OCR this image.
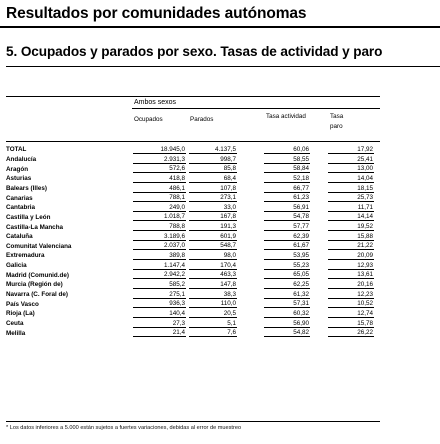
Resultados por comunidades autónomas
5. Ocupados y parados por sexo. Tasas de actividad y paro
Ambos sexos
Ocupados	Parados	Tasa actividad	Tasa paro
TOTAL	18.945,0	4.137,5	60,06	17,92
Andalucía	2.931,3	998,7	58,55	25,41
Aragón	572,6	85,8	58,84	13,00
Asturias	418,8	68,4	52,18	14,04
Balears (Illes)	486,1	107,8	66,77	18,15
Canarias	788,1	273,1	61,23	25,73
Cantabria	249,0	33,0	56,91	11,71
Castilla y León	1.018,7	167,8	54,78	14,14
Castilla-La Mancha	788,8	191,3	57,77	19,52
Cataluña	3.189,6	601,9	62,39	15,88
Comunitat Valenciana	2.037,0	548,7	61,67	21,22
Extremadura	389,8	98,0	53,95	20,09
Galicia	1.147,4	170,4	55,23	12,93
Madrid (Comunid.de)	2.942,2	463,3	65,05	13,61
Murcia (Región de)	585,2	147,8	62,25	20,16
Navarra (C. Foral de)	275,1	38,3	61,32	12,23
País Vasco	936,3	110,0	57,31	10,52
Rioja (La)	140,4	20,5	60,32	12,74
Ceuta	27,3	5,1	56,90	15,78
Melilla	21,4	7,6	54,82	26,22
* Los datos inferiores a 5.000 están sujetos a fuertes variaciones, debidas al error de muestreo
